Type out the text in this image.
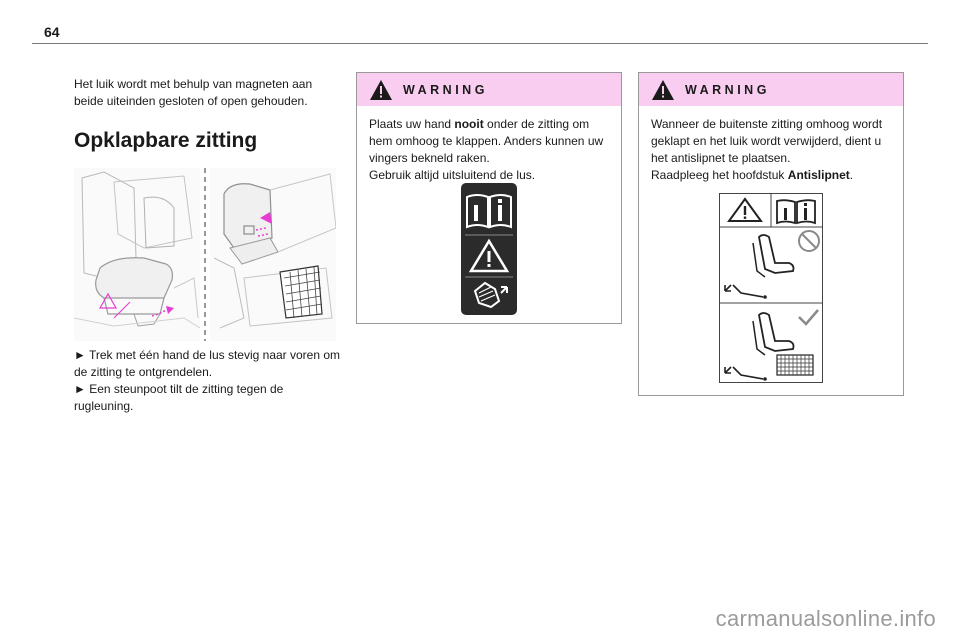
64

Het luik wordt met behulp van magneten aan beide uiteinden gesloten of open gehouden.

Opklapbare zitting

► Trek met één hand de lus stevig naar voren om de zitting te ontgrendelen.

► Een steunpoot tilt de zitting tegen de rugleuning.

WARNING

Plaats uw hand nooit onder de zitting om hem omhoog te klappen. Anders kunnen uw vingers bekneld raken.

Gebruik altijd uitsluitend de lus.

WARNING

Wanneer de buitenste zitting omhoog wordt geklapt en het luik wordt verwijderd, dient u het antislipnet te plaatsen.

Raadpleeg het hoofdstuk Antislipnet.

carmanualsonline.info
